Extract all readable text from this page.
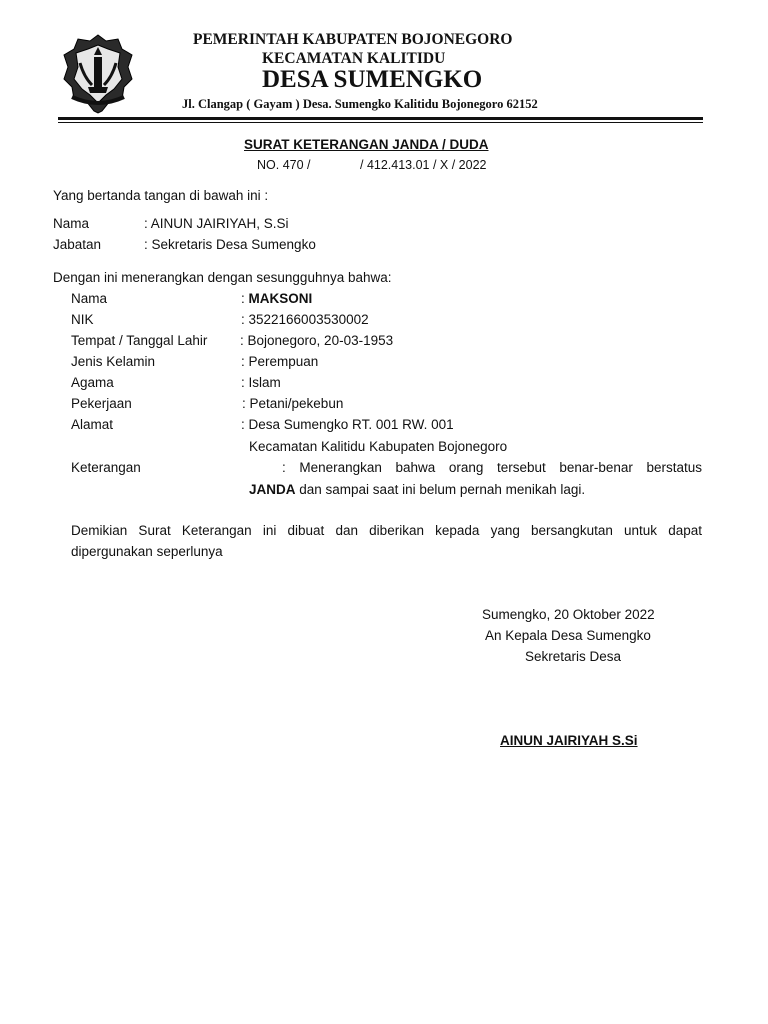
PEMERINTAH KABUPATEN BOJONEGORO
KECAMATAN KALITIDU
DESA SUMENGKO
Jl. Clangap ( Gayam ) Desa. Sumengko Kalitidu Bojonegoro 62152
SURAT KETERANGAN JANDA / DUDA
NO. 470 /	/ 412.413.01 / X / 2022
Yang bertanda tangan di bawah ini :
Nama	: AINUN JAIRIYAH, S.Si
Jabatan	: Sekretaris Desa Sumengko
Dengan ini menerangkan dengan sesungguhnya bahwa:
Nama	: MAKSONI
NIK	: 3522166003530002
Tempat / Tanggal Lahir : Bojonegoro, 20-03-1953
Jenis Kelamin	: Perempuan
Agama	: Islam
Pekerjaan	: Petani/pekebun
Alamat	: Desa Sumengko RT. 001 RW. 001
Kecamatan Kalitidu Kabupaten Bojonegoro
Keterangan	: Menerangkan bahwa orang tersebut benar-benar berstatus
JANDA dan sampai saat ini belum pernah menikah lagi.
Demikian Surat Keterangan ini dibuat dan diberikan kepada yang bersangkutan untuk dapat
dipergunakan seperlunya
Sumengko, 20 Oktober 2022
An Kepala Desa Sumengko
Sekretaris Desa
AINUN JAIRIYAH S.Si
